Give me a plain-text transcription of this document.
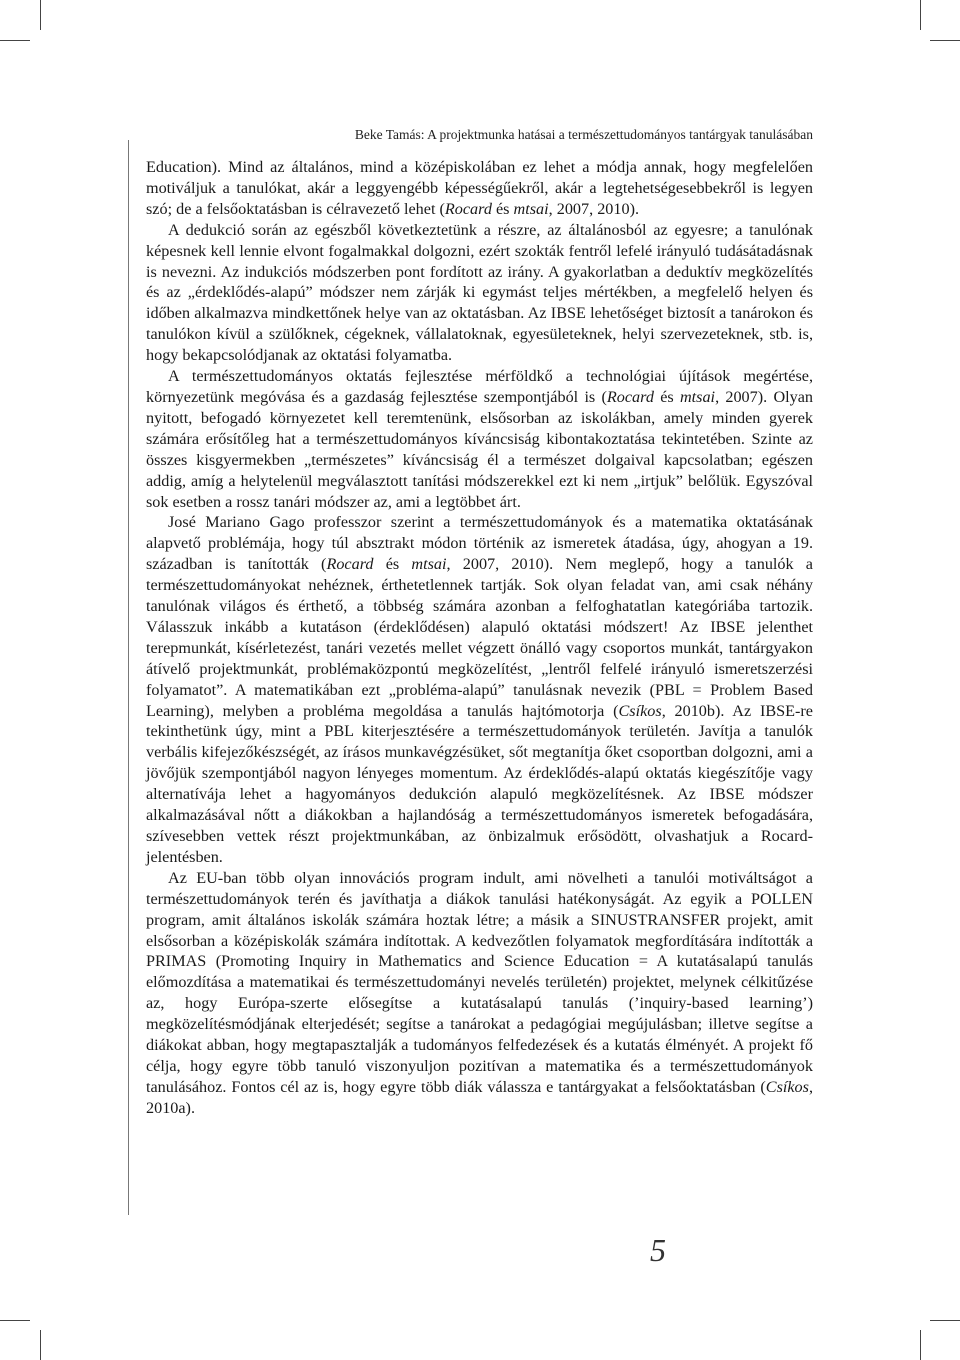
Beke Tamás: A projektmunka hatásai a természettudományos tantárgyak tanulásában

Education). Mind az általános, mind a középiskolában ez lehet a módja annak, hogy megfelelően motiváljuk a tanulókat, akár a leggyengébb képességűekről, akár a legtehetségesebbekről is legyen szó; de a felsőoktatásban is célravezető lehet (Rocard és mtsai, 2007, 2010).

A dedukció során az egészből következtetünk a részre, az általánosból az egyesre; a tanulónak képesnek kell lennie elvont fogalmakkal dolgozni, ezért szokták fentről lefelé irányuló tudásátadásnak is nevezni. Az indukciós módszerben pont fordított az irány. A gyakorlatban a deduktív megközelítés és az „érdeklődés-alapú” módszer nem zárják ki egymást teljes mértékben, a megfelelő helyen és időben alkalmazva mindkettőnek helye van az oktatásban. Az IBSE lehetőséget biztosít a tanárokon és tanulókon kívül a szülőknek, cégeknek, vállalatoknak, egyesületeknek, helyi szervezeteknek, stb. is, hogy bekapcsolódjanak az oktatási folyamatba.

A természettudományos oktatás fejlesztése mérföldkő a technológiai újítások megértése, környezetünk megóvása és a gazdaság fejlesztése szempontjából is (Rocard és mtsai, 2007). Olyan nyitott, befogadó környezetet kell teremtenünk, elsősorban az iskolákban, amely minden gyerek számára erősítőleg hat a természettudományos kíváncsiság kibontakoztatása tekintetében. Szinte az összes kisgyermekben „természetes” kíváncsiság él a természet dolgaival kapcsolatban; egészen addig, amíg a helytelenül megválasztott tanítási módszerekkel ezt ki nem „irtjuk” belőlük. Egyszóval sok esetben a rossz tanári módszer az, ami a legtöbbet árt.

José Mariano Gago professzor szerint a természettudományok és a matematika oktatásának alapvető problémája, hogy túl absztrakt módon történik az ismeretek átadása, úgy, ahogyan a 19. században is tanították (Rocard és mtsai, 2007, 2010). Nem meglepő, hogy a tanulók a természettudományokat nehéznek, érthetetlennek tartják. Sok olyan feladat van, ami csak néhány tanulónak világos és érthető, a többség számára azonban a felfoghatatlan kategóriába tartozik. Válasszuk inkább a kutatáson (érdeklődésen) alapuló oktatási módszert! Az IBSE jelenthet terepmunkát, kísérletezést, tanári vezetés mellet végzett önálló vagy csoportos munkát, tantárgyakon átívelő projektmunkát, problémaközpontú megközelítést, „lentről felfelé irányuló ismeretszerzési folyamatot”. A matematikában ezt „probléma-alapú” tanulásnak nevezik (PBL = Problem Based Learning), melyben a probléma megoldása a tanulás hajtómotorja (Csíkos, 2010b). Az IBSE-re tekinthetünk úgy, mint a PBL kiterjesztésére a természettudományok területén. Javítja a tanulók verbális kifejezőkészségét, az írásos munkavégzésüket, sőt megtanítja őket csoportban dolgozni, ami a jövőjük szempontjából nagyon lényeges momentum. Az érdeklődés-alapú oktatás kiegészítője vagy alternatívája lehet a hagyományos dedukción alapuló megközelítésnek. Az IBSE módszer alkalmazásával nőtt a diákokban a hajlandóság a természettudományos ismeretek befogadására, szívesebben vettek részt projektmunkában, az önbizalmuk erősödött, olvashatjuk a Rocard-jelentésben.

Az EU-ban több olyan innovációs program indult, ami növelheti a tanulói motiváltságot a természettudományok terén és javíthatja a diákok tanulási hatékonyságát. Az egyik a POLLEN program, amit általános iskolák számára hoztak létre; a másik a SINUSTRANSFER projekt, amit elsősorban a középiskolák számára indítottak. A kedvezőtlen folyamatok megfordítására indították a PRIMAS (Promoting Inquiry in Mathematics and Science Education = A kutatásalapú tanulás előmozdítása a matematikai és természettudományi nevelés területén) projektet, melynek célkitűzése az, hogy Európa-szerte elősegítse a kutatásalapú tanulás (’inquiry-based learning’) megközelítésmódjának elterjedését; segítse a tanárokat a pedagógiai megújulásban; illetve segítse a diákokat abban, hogy megtapasztalják a tudományos felfedezések és a kutatás élményét. A projekt fő célja, hogy egyre több tanuló viszonyuljon pozitívan a matematika és a természettudományok tanulásához. Fontos cél az is, hogy egyre több diák válassza e tantárgyakat a felsőoktatásban (Csíkos, 2010a).

5
